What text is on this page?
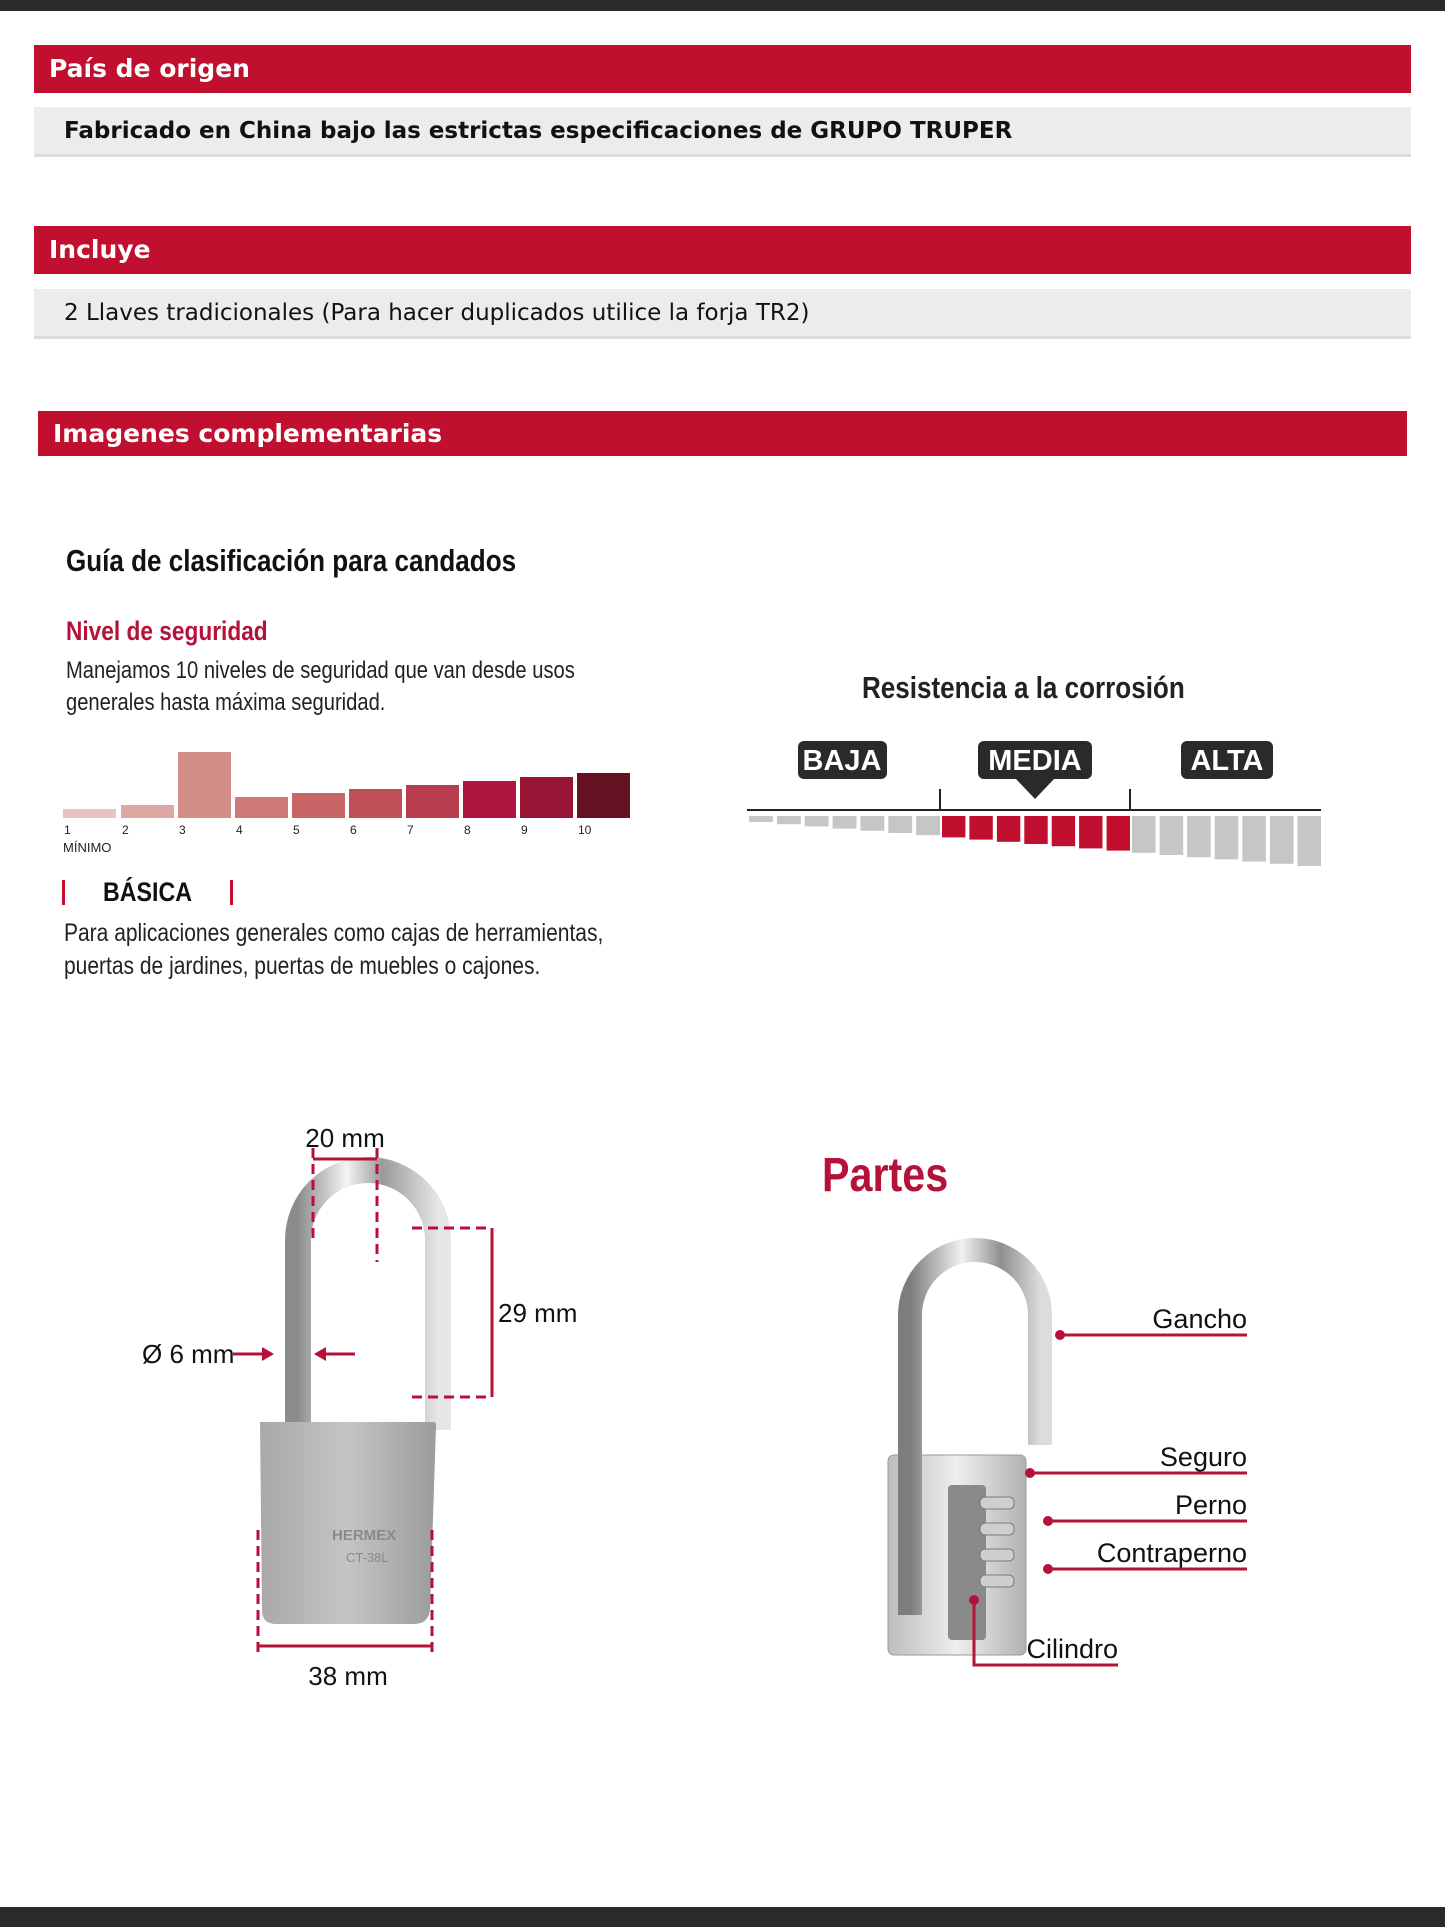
País de origen
Fabricado en China bajo las estrictas especificaciones de GRUPO TRUPER
Incluye
2 Llaves tradicionales (Para hacer duplicados utilice la forja TR2)
Imagenes complementarias
Guía de clasificación para candados
Nivel de seguridad
Manejamos 10 niveles de seguridad que van desde usos
generales hasta máxima seguridad.
1	2	3	4	5	6	7	8	9	10
MÍNIMO
BÁSICA
Para aplicaciones generales como cajas de herramientas,
puertas de jardines, puertas de muebles o cajones.
Resistencia a la corrosión
BAJA	MEDIA	ALTA
HERMEX
CT-38L
20 mm
29 mm
Ø 6 mm
38 mm
Partes
Gancho
Seguro
Perno
Contraperno
Cilindro
